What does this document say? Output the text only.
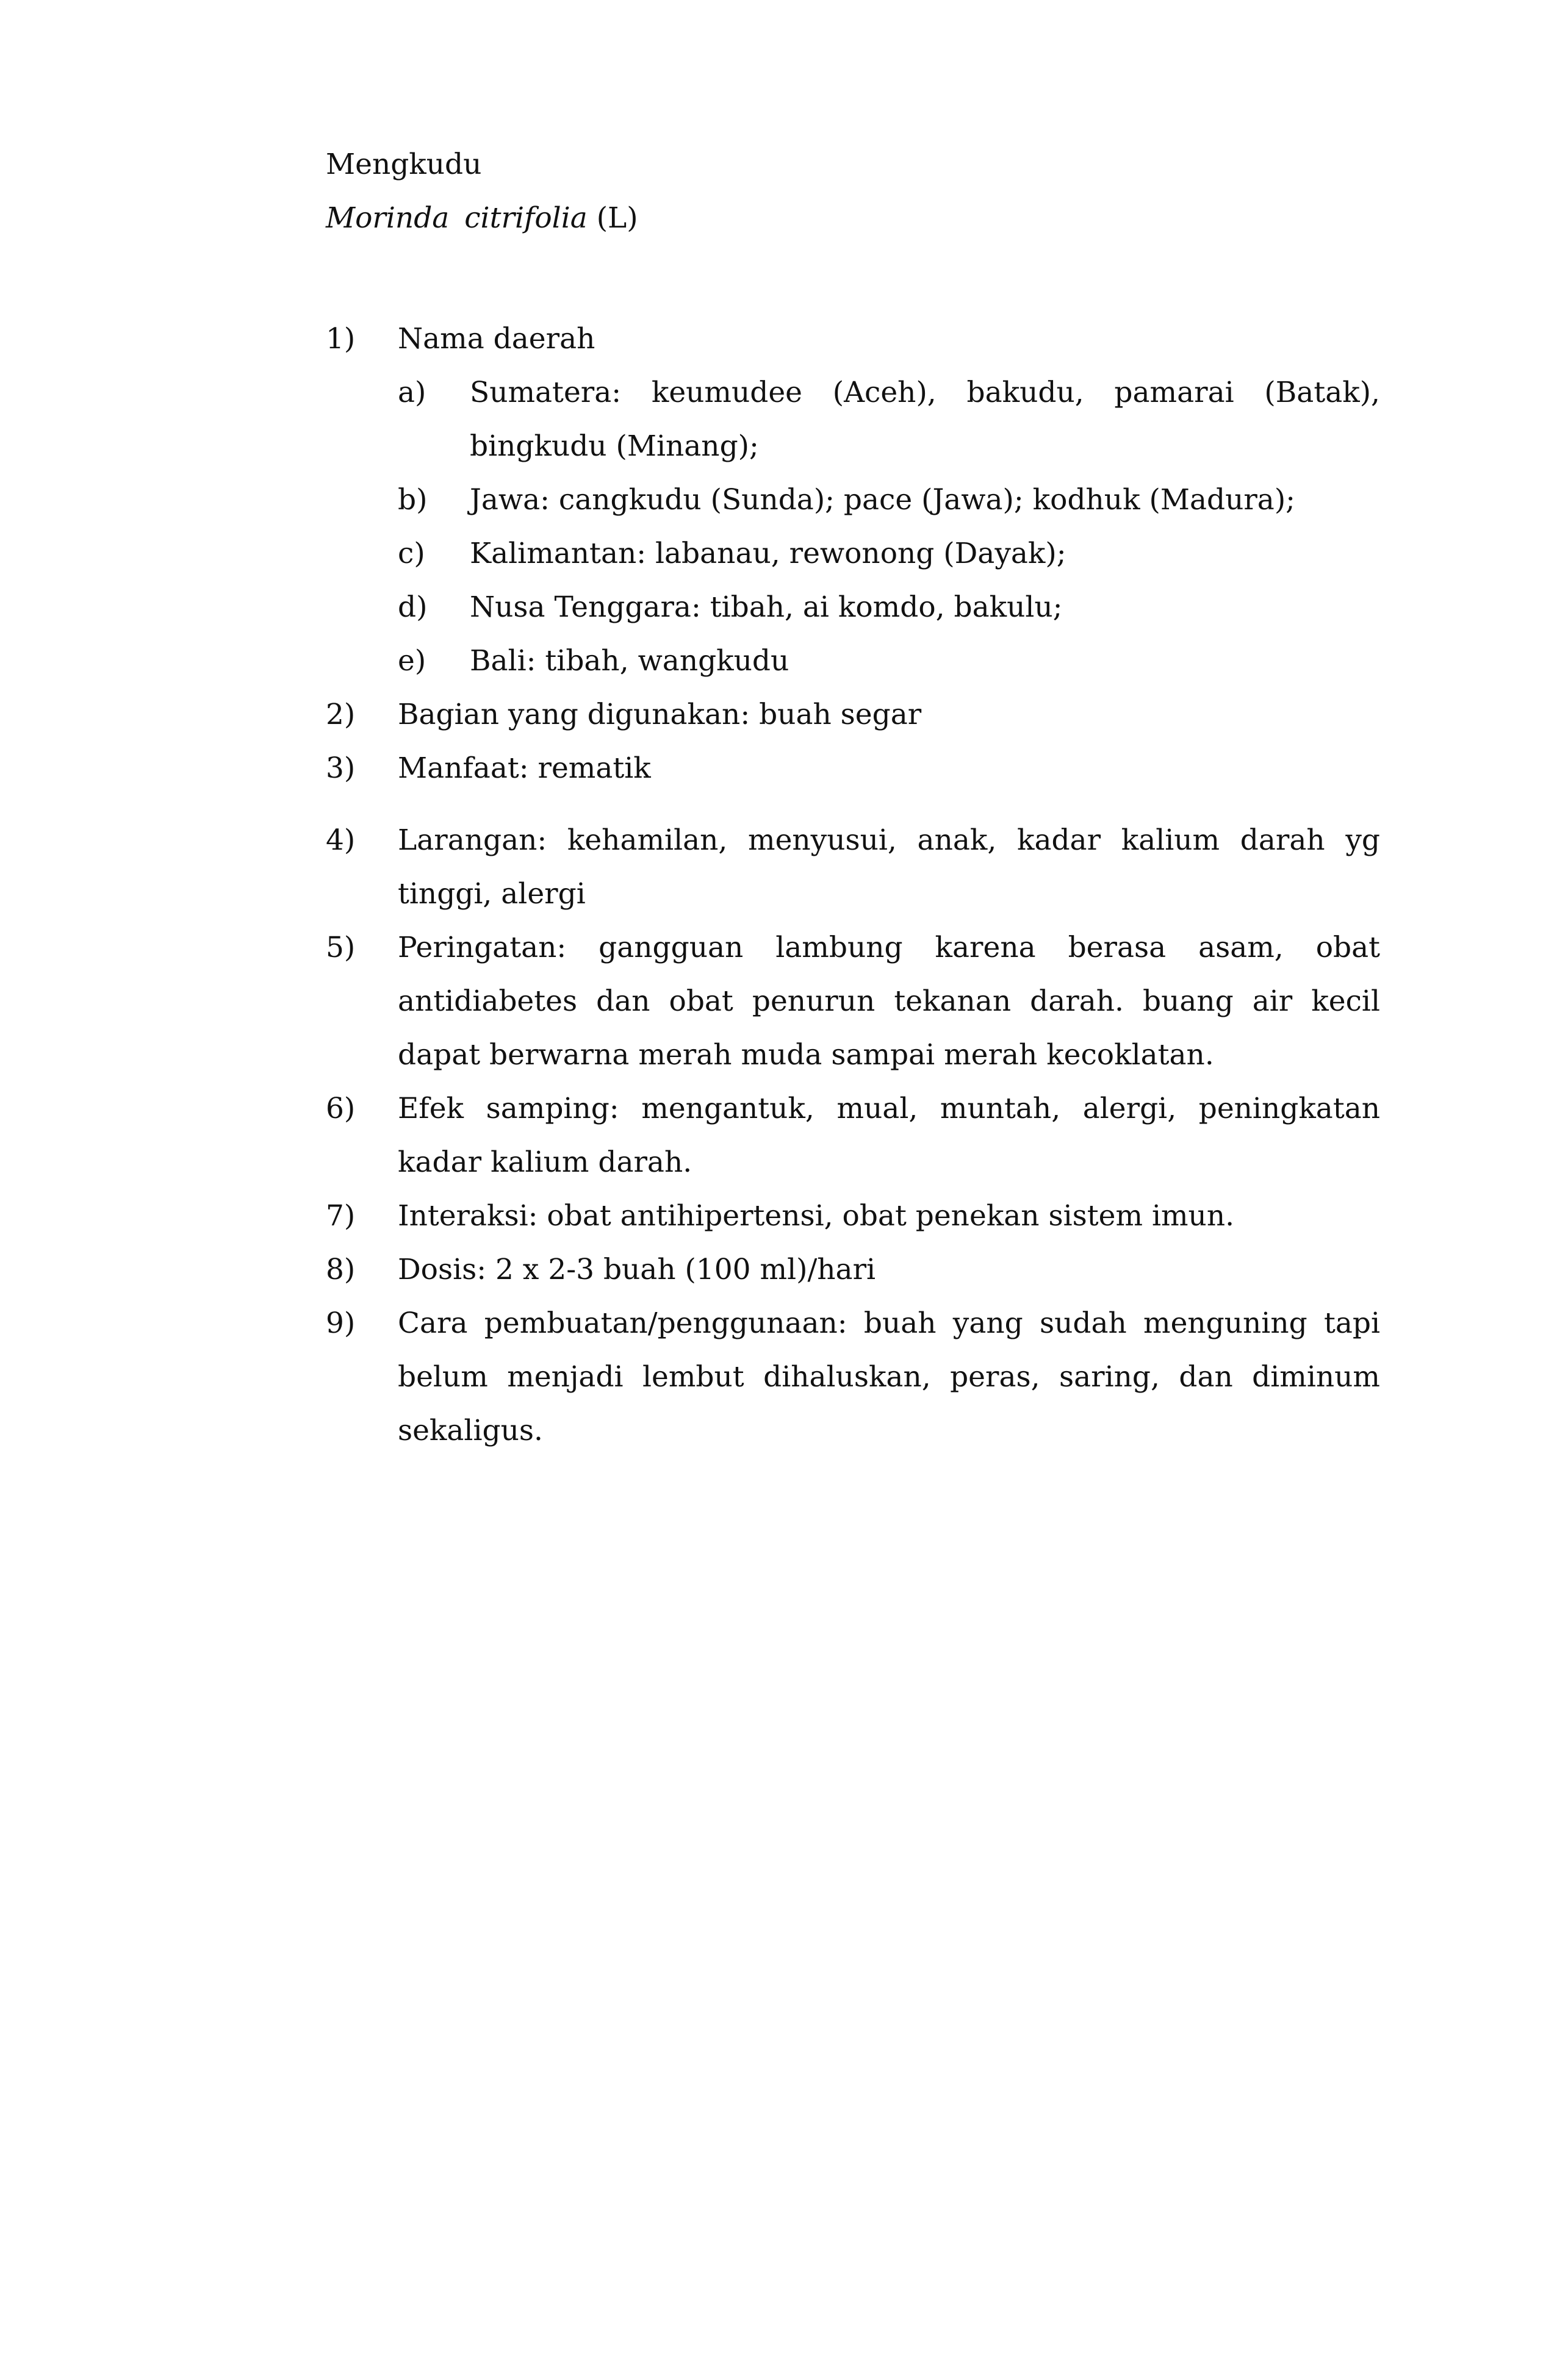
Mengkudu

Morinda citrifolia (L)

1) Nama daerah
a) Sumatera: keumudee (Aceh), bakudu, pamarai (Batak), bingkudu (Minang);
b) Jawa: cangkudu (Sunda); pace (Jawa); kodhuk (Madura);
c) Kalimantan: labanau, rewonong (Dayak);
d) Nusa Tenggara: tibah, ai komdo, bakulu;
e) Bali: tibah, wangkudu
2) Bagian yang digunakan: buah segar
3) Manfaat: rematik
4) Larangan: kehamilan, menyusui, anak, kadar kalium darah yg tinggi, alergi
5) Peringatan: gangguan lambung karena berasa asam, obat antidiabetes dan obat penurun tekanan darah. buang air kecil dapat berwarna merah muda sampai merah kecoklatan.
6) Efek samping: mengantuk, mual, muntah, alergi, peningkatan kadar kalium darah.
7) Interaksi: obat antihipertensi, obat penekan sistem imun.
8) Dosis: 2 x 2-3 buah (100 ml)/hari
9) Cara pembuatan/penggunaan: buah yang sudah menguning tapi belum menjadi lembut dihaluskan, peras, saring, dan diminum sekaligus.
